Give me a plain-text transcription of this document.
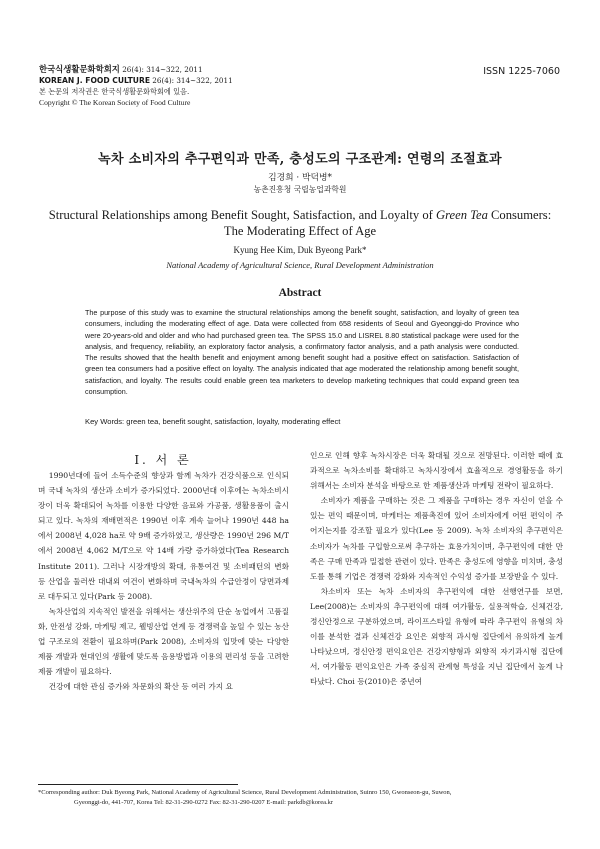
한국식생활문화학회지 26(4): 314~322, 2011
KOREAN J. FOOD CULTURE 26(4): 314~322, 2011
본 논문의 저작권은 한국식생활문화학회에 있음.
Copyright © The Korean Society of Food Culture
ISSN 1225-7060
녹차 소비자의 추구편익과 만족, 충성도의 구조관계: 연령의 조절효과
김경희 · 박덕병*
농촌진흥청 국립농업과학원
Structural Relationships among Benefit Sought, Satisfaction, and Loyalty of Green Tea Consumers:
The Moderating Effect of Age
Kyung Hee Kim, Duk Byeong Park*
National Academy of Agricultural Science, Rural Development Administration
Abstract
The purpose of this study was to examine the structural relationships among the benefit sought, satisfaction, and loyalty of green tea consumers, including the moderating effect of age. Data were collected from 658 residents of Seoul and Gyeonggi-do Province who were 20-years-old and older and who had purchased green tea. The SPSS 15.0 and LISREL 8.80 statistical package were used for the analysis, and frequency, reliability, an exploratory factor analysis, a confirmatory factor analysis, and a path analysis were conducted. The results showed that the health benefit and enjoyment among benefit sought had a positive effect on satisfaction. Satisfaction of green tea consumers had a positive effect on loyalty. The analysis indicated that age moderated the relationship among benefit sought, satisfaction, and loyalty. The results could enable green tea marketers to develop marketing techniques that could expand green tea consumption.
Key Words: green tea, benefit sought, satisfaction, loyalty, moderating effect
I. 서 론

1990년대에 들어 소득수준의 향상과 함께 녹차가 건강식품으로 인식되며 국내 녹차의 생산과 소비가 증가되었다. 2000년대 이후에는 녹차소비시장이 더욱 확대되어 녹차를 이용한 다양한 음료와 가공품, 생활용품이 출시되고 있다. 녹차의 재배면적은 1990년 이후 계속 늘어나 1990년 448 ha에서 2008년 4,028 ha로 약 9배 증가하였고, 생산량은 1990년 296 M/T에서 2008년 4,062 M/T으로 약 14배 가량 증가하였다(Tea Research Institute 2011). 그러나 시장개방의 확대, 유통여건 및 소비패턴의 변화 등 산업을 둘러싼 대내외 여건이 변화하며 국내녹차의 수급안정이 당면과제로 대두되고 있다(Park 등 2008).

녹차산업의 지속적인 발전을 위해서는 생산위주의 단순 농업에서 고품질화, 안전성 강화, 마케팅 제고, 웰빙산업 연계 등 경쟁력을 높일 수 있는 농산업 구조로의 전환이 필요하며(Park 2008), 소비자의 입맛에 맞는 다양한 제품 개발과 현대인의 생활에 맞도록 음용방법과 이용의 편리성 등을 고려한 제품 개발이 필요하다.

건강에 대한 관심 증가와 차문화의 확산 등 여러 가지 요

인으로 인해 향후 녹차시장은 더욱 확대될 것으로 전망된다. 이러한 때에 효과적으로 녹차소비를 확대하고 녹차시장에서 효율적으로 경영활동을 하기 위해서는 소비자 분석을 바탕으로 한 제품생산과 마케팅 전략이 필요하다.

소비자가 제품을 구매하는 것은 그 제품을 구매하는 경우 자신이 얻을 수 있는 편익 때문이며, 마케터는 제품촉진에 있어 소비자에게 어떤 편익이 주어지는지를 강조할 필요가 있다(Lee 등 2009). 녹차 소비자의 추구편익은 소비자가 녹차를 구입함으로써 추구하는 효용가치이며, 추구편익에 대한 만족은 구매 만족과 밀접한 관련이 있다. 만족은 충성도에 영향을 미치며, 충성도를 통해 기업은 경쟁력 강화와 지속적인 수익성 증가를 보장받을 수 있다.

차소비자 또는 녹차 소비자의 추구편익에 대한 선행연구를 보면, Lee(2008)는 소비자의 추구편익에 대해 여가활동, 실용적학습, 신체건강, 정신안정으로 구분하였으며, 라이프스타일 유형에 따라 추구편익 유형의 차이를 분석한 결과 신체건강 요인은 외향적 과시형 집단에서 유의하게 높게 나타났으며, 정신안정 편익요인은 건강지향형과 외향적 자기과시형 집단에서, 여가활동 편익요인은 가족 중심적 관계형 특성을 지닌 집단에서 높게 나타났다. Choi 등(2010)은 중년여

*Corresponding author: Duk Byeong Park, National Academy of Agricultural Science, Rural Development Administration, Suinro 150, Gwonseon-gu, Suwon,
Gyeonggi-do, 441-707, Korea Tel: 82-31-290-0272 Fax: 82-31-290-0207 E-mail: parkdb@korea.kr
